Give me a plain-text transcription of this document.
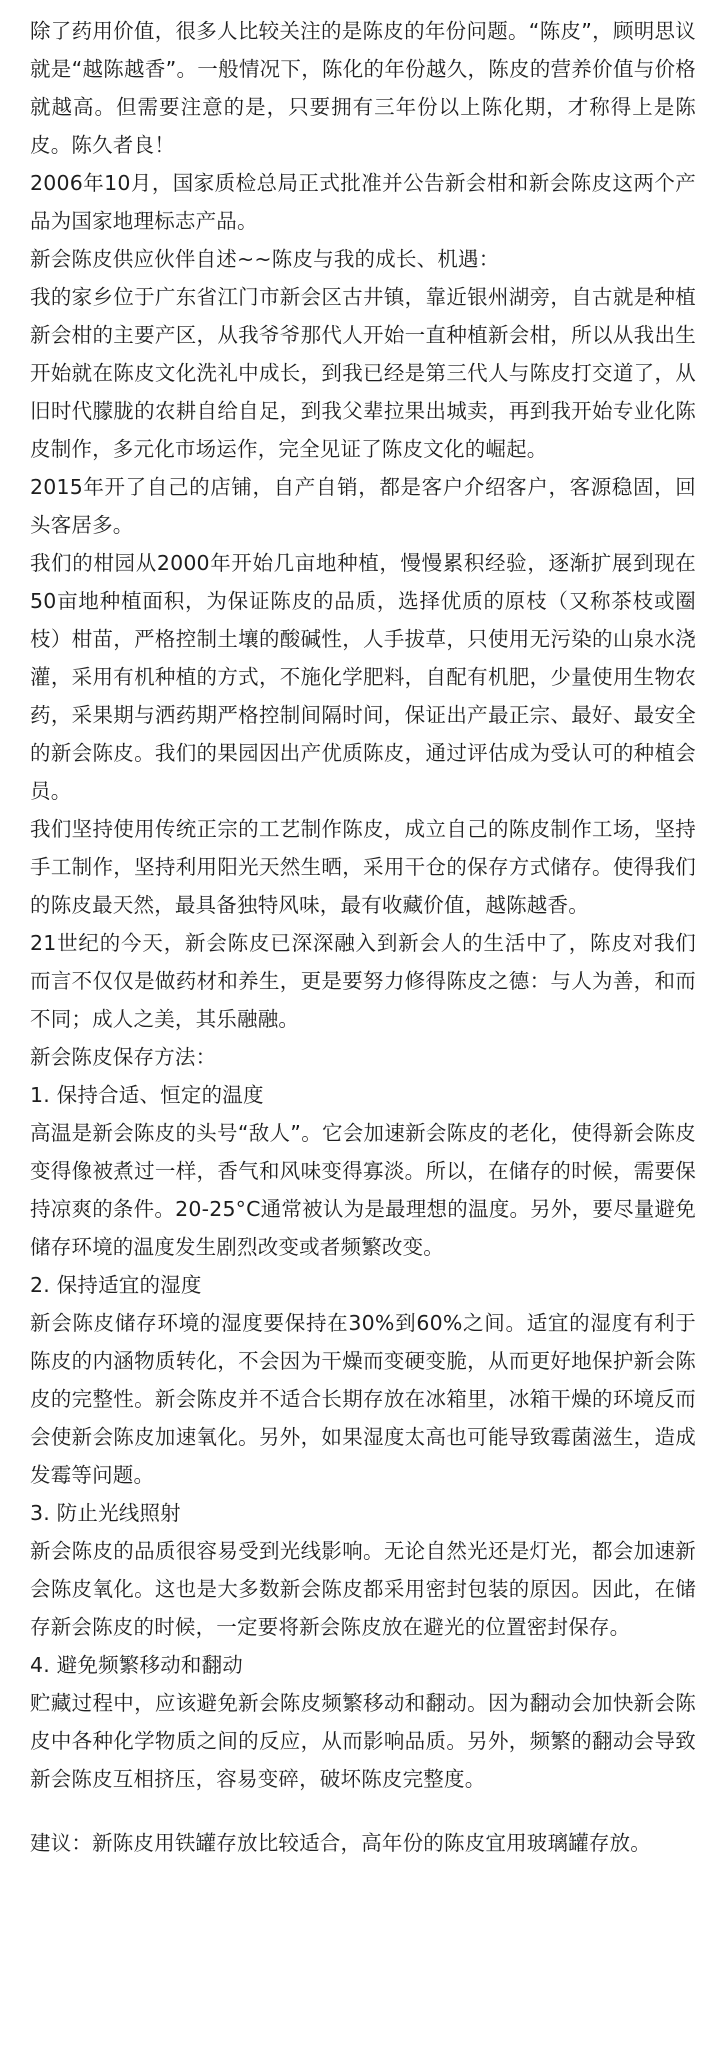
除了药用价值，很多人比较关注的是陈皮的年份问题。“陈皮”，顾明思议就是“越陈越香”。一般情况下，陈化的年份越久，陈皮的营养价值与价格就越高。但需要注意的是，只要拥有三年份以上陈化期，才称得上是陈皮。陈久者良！

2006年10月，国家质检总局正式批准并公告新会柑和新会陈皮这两个产品为国家地理标志产品。

新会陈皮供应伙伴自述~~陈皮与我的成长、机遇：

我的家乡位于广东省江门市新会区古井镇，靠近银州湖旁，自古就是种植新会柑的主要产区，从我爷爷那代人开始一直种植新会柑，所以从我出生开始就在陈皮文化洗礼中成长，到我已经是第三代人与陈皮打交道了，从旧时代朦胧的农耕自给自足，到我父辈拉果出城卖，再到我开始专业化陈皮制作，多元化市场运作，完全见证了陈皮文化的崛起。

2015年开了自己的店铺，自产自销，都是客户介绍客户，客源稳固，回头客居多。

我们的柑园从2000年开始几亩地种植，慢慢累积经验，逐渐扩展到现在50亩地种植面积，为保证陈皮的品质，选择优质的原枝（又称茶枝或圈枝）柑苗，严格控制土壤的酸碱性，人手拔草，只使用无污染的山泉水浇灌，采用有机种植的方式，不施化学肥料，自配有机肥，少量使用生物农药，采果期与洒药期严格控制间隔时间，保证出产最正宗、最好、最安全的新会陈皮。我们的果园因出产优质陈皮，通过评估成为受认可的种植会员。

我们坚持使用传统正宗的工艺制作陈皮，成立自己的陈皮制作工场，坚持手工制作，坚持利用阳光天然生晒，采用干仓的保存方式储存。使得我们的陈皮最天然，最具备独特风味，最有收藏价值，越陈越香。

21世纪的今天，新会陈皮已深深融入到新会人的生活中了，陈皮对我们而言不仅仅是做药材和养生，更是要努力修得陈皮之德：与人为善，和而不同；成人之美，其乐融融。

新会陈皮保存方法：

1. 保持合适、恒定的温度

高温是新会陈皮的头号“敌人”。它会加速新会陈皮的老化，使得新会陈皮变得像被煮过一样，香气和风味变得寡淡。所以，在储存的时候，需要保持凉爽的条件。20-25°C通常被认为是最理想的温度。另外，要尽量避免储存环境的温度发生剧烈改变或者频繁改变。

2. 保持适宜的湿度

新会陈皮储存环境的湿度要保持在30%到60%之间。适宜的湿度有利于陈皮的内涵物质转化，不会因为干燥而变硬变脆，从而更好地保护新会陈皮的完整性。新会陈皮并不适合长期存放在冰箱里，冰箱干燥的环境反而会使新会陈皮加速氧化。另外，如果湿度太高也可能导致霉菌滋生，造成发霉等问题。

3. 防止光线照射

新会陈皮的品质很容易受到光线影响。无论自然光还是灯光，都会加速新会陈皮氧化。这也是大多数新会陈皮都采用密封包装的原因。因此，在储存新会陈皮的时候，一定要将新会陈皮放在避光的位置密封保存。

4. 避免频繁移动和翻动

贮藏过程中，应该避免新会陈皮频繁移动和翻动。因为翻动会加快新会陈皮中各种化学物质之间的反应，从而影响品质。另外，频繁的翻动会导致新会陈皮互相挤压，容易变碎，破坏陈皮完整度。

建议：新陈皮用铁罐存放比较适合，高年份的陈皮宜用玻璃罐存放。
